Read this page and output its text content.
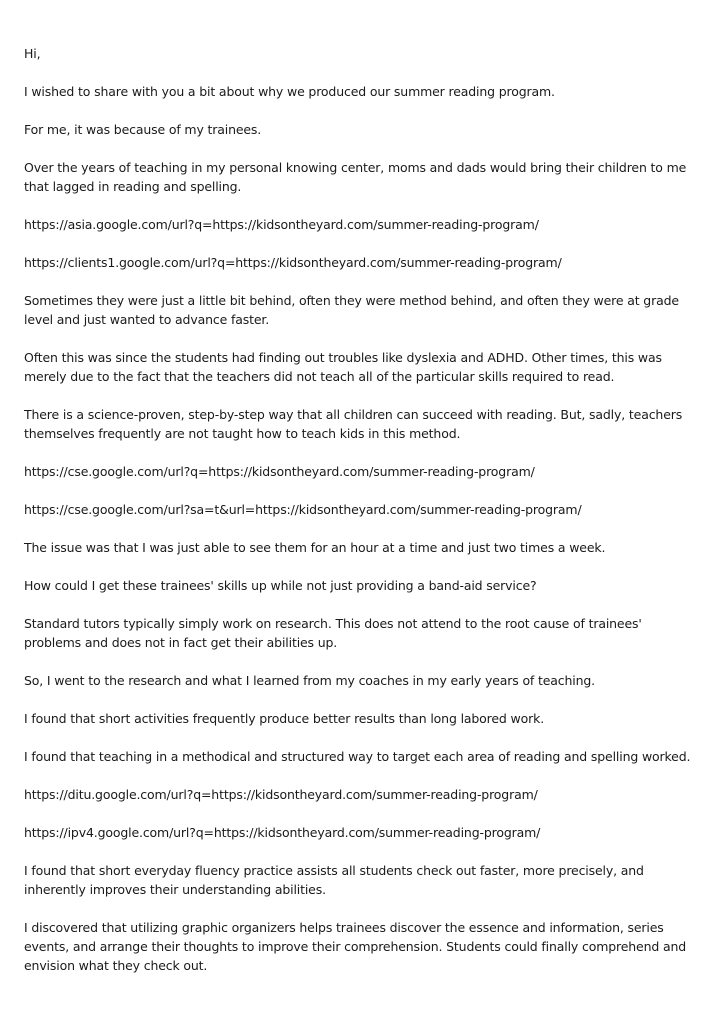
Hi,

I wished to share with you a bit about why we produced our summer reading program.

For me, it was because of my trainees.

Over the years of teaching in my personal knowing center, moms and dads would bring their children to me that lagged in reading and spelling.

https://asia.google.com/url?q=https://kidsontheyard.com/summer-reading-program/

https://clients1.google.com/url?q=https://kidsontheyard.com/summer-reading-program/

Sometimes they were just a little bit behind, often they were method behind, and often they were at grade level and just wanted to advance faster.

Often this was since the students had finding out troubles like dyslexia and ADHD. Other times, this was merely due to the fact that the teachers did not teach all of the particular skills required to read.

There is a science-proven, step-by-step way that all children can succeed with reading. But, sadly, teachers themselves frequently are not taught how to teach kids in this method.

https://cse.google.com/url?q=https://kidsontheyard.com/summer-reading-program/

https://cse.google.com/url?sa=t&url=https://kidsontheyard.com/summer-reading-program/

The issue was that I was just able to see them for an hour at a time and just two times a week.

How could I get these trainees' skills up while not just providing a band-aid service?

Standard tutors typically simply work on research. This does not attend to the root cause of trainees' problems and does not in fact get their abilities up.

So, I went to the research and what I learned from my coaches in my early years of teaching.

I found that short activities frequently produce better results than long labored work.

I found that teaching in a methodical and structured way to target each area of reading and spelling worked.

https://ditu.google.com/url?q=https://kidsontheyard.com/summer-reading-program/

https://ipv4.google.com/url?q=https://kidsontheyard.com/summer-reading-program/

I found that short everyday fluency practice assists all students check out faster, more precisely, and inherently improves their understanding abilities.

I discovered that utilizing graphic organizers helps trainees discover the essence and information, series events, and arrange their thoughts to improve their comprehension. Students could finally comprehend and envision what they check out.
